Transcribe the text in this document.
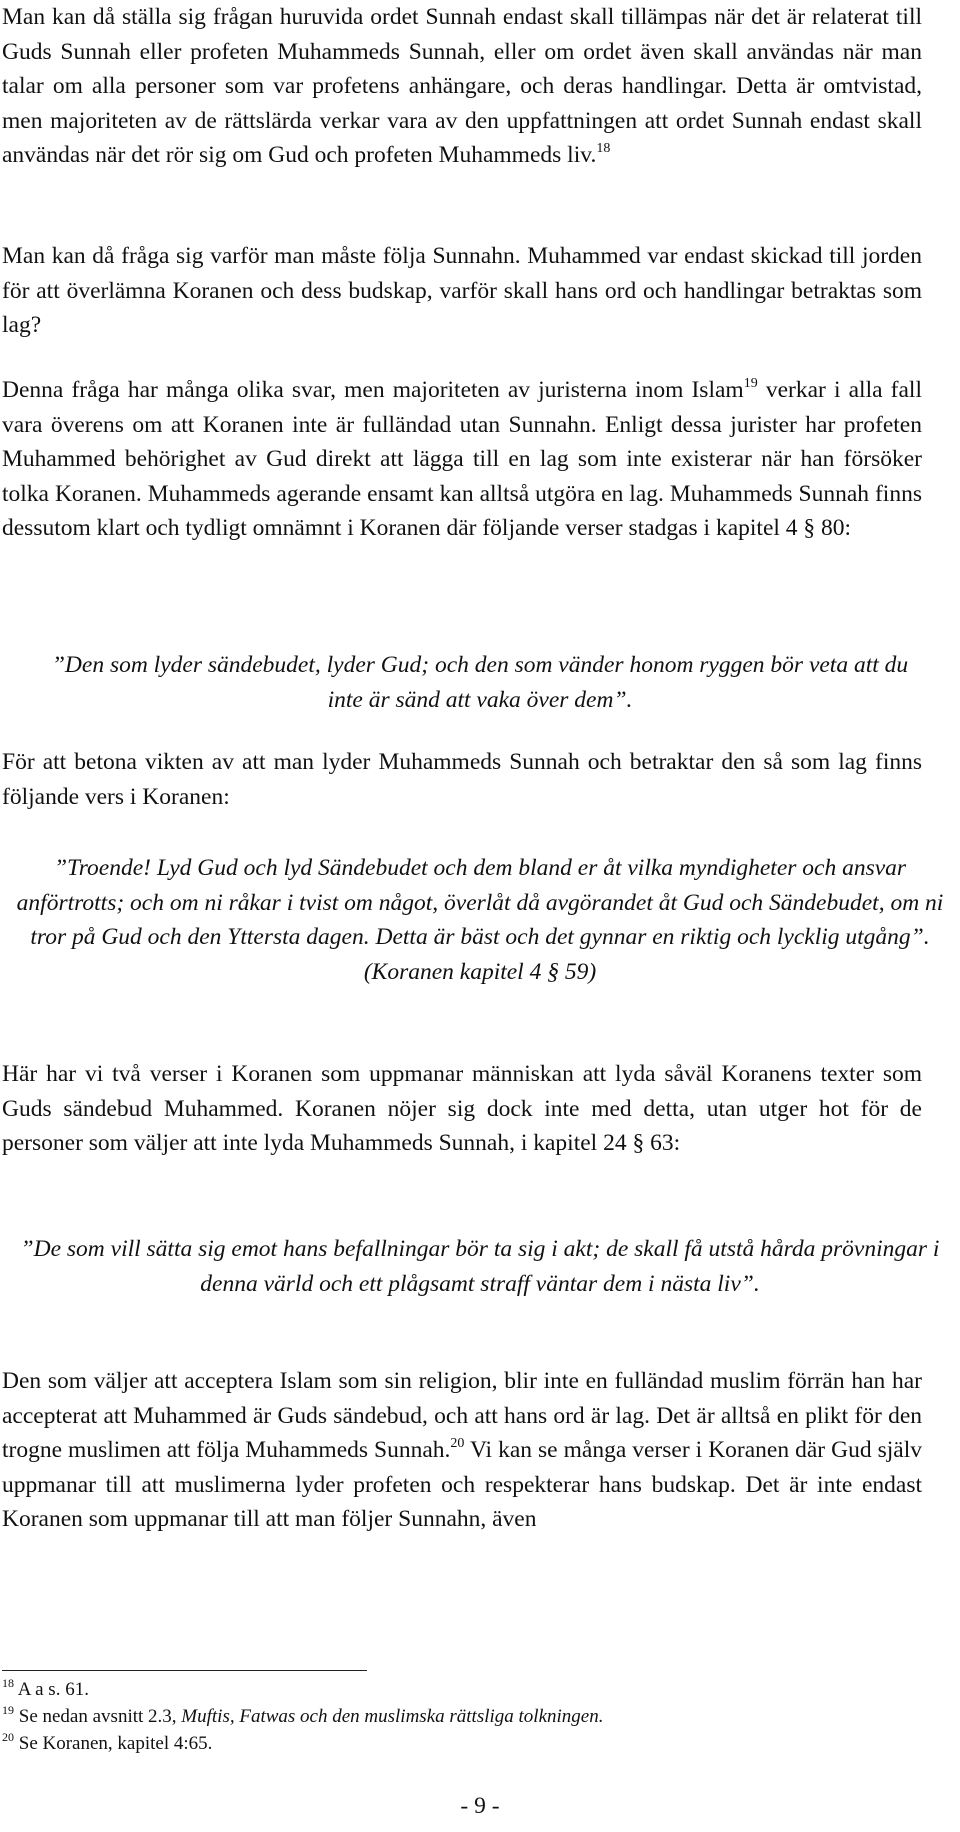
Man kan då ställa sig frågan huruvida ordet Sunnah endast skall tillämpas när det är relaterat till Guds Sunnah eller profeten Muhammeds Sunnah, eller om ordet även skall användas när man talar om alla personer som var profetens anhängare, och deras handlingar. Detta är omtvistad, men majoriteten av de rättslärda verkar vara av den uppfattningen att ordet Sunnah endast skall användas när det rör sig om Gud och profeten Muhammeds liv.$^{18}$

Man kan då fråga sig varför man måste följa Sunnahn. Muhammed var endast skickad till jorden för att överlämna Koranen och dess budskap, varför skall hans ord och handlingar betraktas som lag?

Denna fråga har många olika svar, men majoriteten av juristerna inom Islam$^{19}$ verkar i alla fall vara överens om att Koranen inte är fulländad utan Sunnahn. Enligt dessa jurister har profeten Muhammed behörighet av Gud direkt att lägga till en lag som inte existerar när han försöker tolka Koranen. Muhammeds agerande ensamt kan alltså utgöra en lag. Muhammeds Sunnah finns dessutom klart och tydligt omnämnt i Koranen där följande verser stadgas i kapitel 4 § 80:

”Den som lyder sändebudet, lyder Gud; och den som vänder honom ryggen bör veta att du inte är sänd att vaka över dem”.

För att betona vikten av att man lyder Muhammeds Sunnah och betraktar den så som lag finns följande vers i Koranen:

”Troende! Lyd Gud och lyd Sändebudet och dem bland er åt vilka myndigheter och ansvar anförtrotts; och om ni råkar i tvist om något, överlåt då avgörandet åt Gud och Sändebudet, om ni tror på Gud och den Yttersta dagen. Detta är bäst och det gynnar en riktig och lycklig utgång”.(Koranen kapitel 4 § 59)

Här har vi två verser i Koranen som uppmanar människan att lyda såväl Koranens texter som Guds sändebud Muhammed. Koranen nöjer sig dock inte med detta, utan utger hot för de personer som väljer att inte lyda Muhammeds Sunnah, i kapitel 24 § 63:

”De som vill sätta sig emot hans befallningar bör ta sig i akt; de skall få utstå hårda prövningar i denna värld och ett plågsamt straff väntar dem i nästa liv”.

Den som väljer att acceptera Islam som sin religion, blir inte en fulländad muslim förrän han har accepterat att Muhammed är Guds sändebud, och att hans ord är lag. Det är alltså en plikt för den trogne muslimen att följa Muhammeds Sunnah.$^{20}$ Vi kan se många verser i Koranen där Gud själv uppmanar till att muslimerna lyder profeten och respekterar hans budskap. Det är inte endast Koranen som uppmanar till att man följer Sunnahn, även

$^{18}$ A a s. 61.

$^{19}$ Se nedan avsnitt 2.3, Muftis, Fatwas och den muslimska rättsliga tolkningen.

$^{20}$ Se Koranen, kapitel 4:65.

- 9 -
